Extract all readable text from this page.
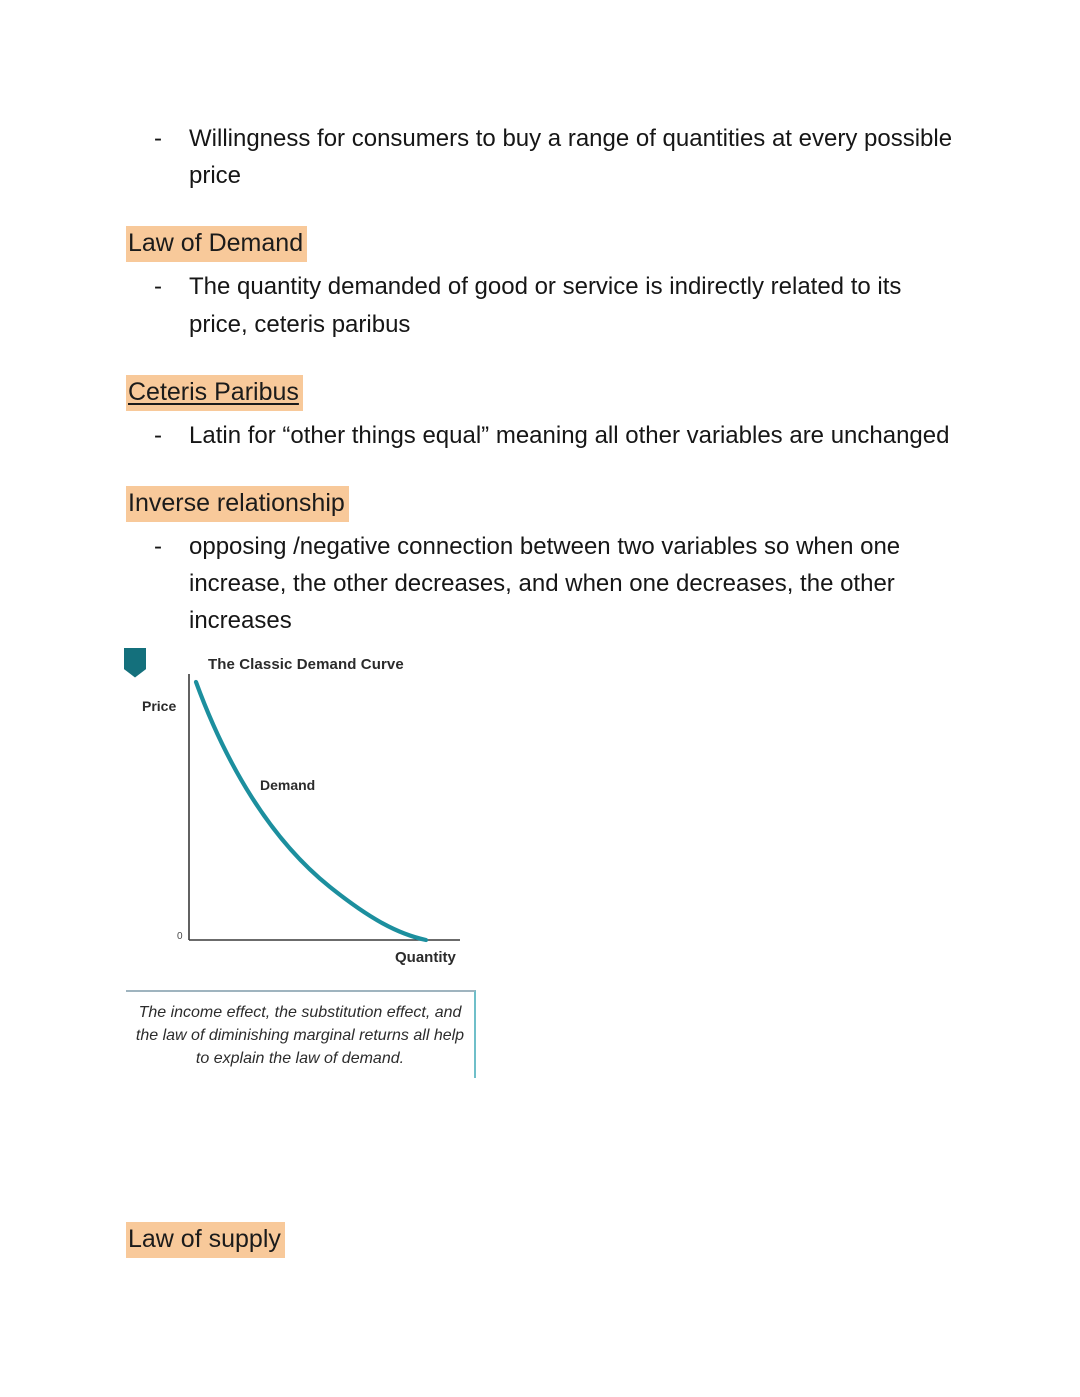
- Willingness for consumers to buy a range of quantities at every possible price
Law of Demand
- The quantity demanded of good or service is indirectly related to its price, ceteris paribus
Ceteris Paribus
- Latin for “other things equal” meaning all other variables are unchanged
Inverse relationship
- opposing /negative connection between two variables so when one increase, the other decreases, and when one decreases, the other increases
The Classic Demand Curve
Price
Quantity
0
Demand

The income effect, the substitution effect, and the law of diminishing marginal returns all help to explain the law of demand.

Law of supply
